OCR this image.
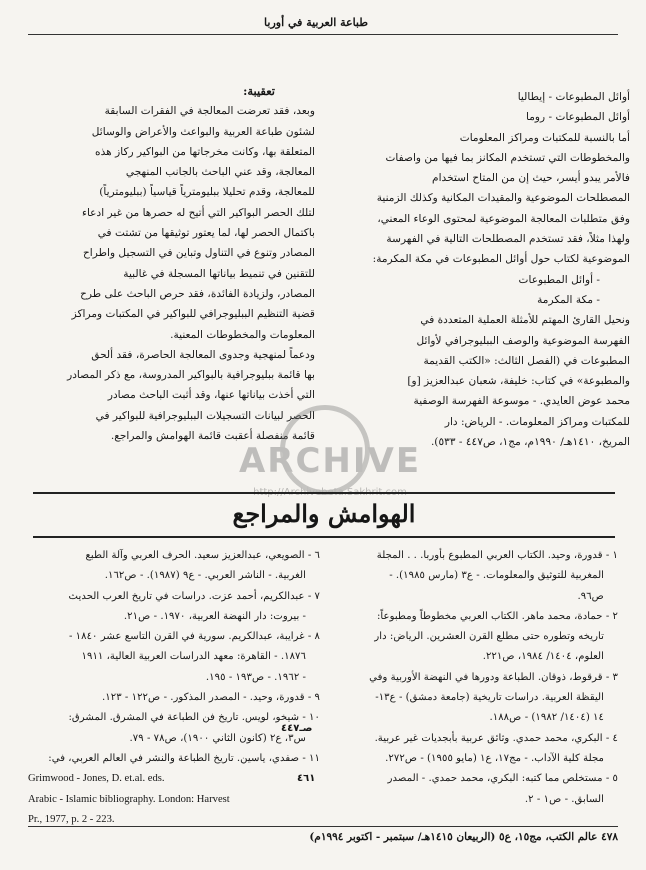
طباعة العربية في أوربا
أوائل المطبوعات - إيطاليا
أوائل المطبوعات - روما
أما بالنسبة للمكتبات ومراكز المعلومات
والمخطوطات التي تستخدم المكانز بما فيها من واصفات
فالأمر يبدو أيسر، حيث إن من المتاح استخدام
المصطلحات الموضوعية والمقيدات المكانية وكذلك الزمنية
وفق متطلبات المعالجة الموضوعية لمحتوى الوعاء المعني،
ولهذا مثلاً، فقد تستخدم المصطلحات التالية في الفهرسة
الموضوعية لكتاب حول أوائل المطبوعات في مكة المكرمة:
- أوائل المطبوعات
- مكة المكرمة
ونحيل القارئ المهتم للأمثلة العملية المتعددة في
الفهرسة الموضوعية والوصف الببليوجرافي لأوائل
المطبوعات في (الفصل الثالث: «الكتب القديمة
والمطبوعة» في كتاب: خليفة، شعبان عبدالعزيز [و]
محمد عوض العايدي. - موسوعة الفهرسة الوصفية
للمكتبات ومراكز المعلومات. - الرياض: دار
المريخ، ١٤١٠هـ/ ١٩٩٠م، مج١، ص٤٤٧ - ٥٣٣).
تعقيبة:
وبعد، فقد تعرضت المعالجة في الفقرات السابقة
لشئون طباعة العربية والبواعث والأعراض والوسائل
المتعلقة بها، وكانت مخرجاتها من البواكير ركاز هذه
المعالجة، وقد عني الباحث بالجانب المنهجي
للمعالجة، وقدم تحليلا ببليومترياً قياسياً (ببليومترياً)
لتلك الحصر البواكير التي أتيح له حصرها من غير ادعاء
باكتمال الحصر لها، لما يعتور توثيقها من تشتت في
المصادر وتنوع في التناول وتباين في التسجيل واطراح
للتقنين في تنميط بياناتها المسجلة في غالبية
المصادر، ولزيادة الفائدة، فقد حرص الباحث على طرح
قضية التنظيم الببليوجرافي للبواكير في المكتبات ومراكز
المعلومات والمخطوطات المعنية.
ودعماً لمنهجية وجدوى المعالجة الحاصرة، فقد ألحق
بها قائمة ببليوجرافية بالبواكير المدروسة، مع ذكر المصادر
التي أخذت بياناتها عنها، وقد أثبت الباحث مصادر
الحصر لبيانات التسجيلات الببليوجرافية للبواكير في
قائمة منفصلة أعقبت قائمة الهوامش والمراجع.
ARCHIVE
http://Archivebeta.Sakhrit.com
الهوامش والمراجع
١ - قدورة، وحيد. الكتاب العربي المطبوع بأوربا. . . المجلة
المغربية للتوثيق والمعلومات. - ع٣ (مارس ١٩٨٥). -
ص٩٦.
٢ - حمادة، محمد ماهر. الكتاب العربي مخطوطاً ومطبوعاً:
تاريخه وتطوره حتى مطلع القرن العشرين. الرياض: دار
العلوم، ١٤٠٤/ ١٩٨٤، ص٢٢١.
٣ - قرقوط، ذوقان. الطباعة ودورها في النهضة الأوربية وفي
اليقظة العربية. دراسات تاريخية (جامعة دمشق) - ع١٣-
١٤ (١٤٠٤/ ١٩٨٢) - ص١٨٨.
٤ - البكري، محمد حمدي. وثائق عربية بأبجديات غير عربية.
مجلة كلية الآداب. - مج١٧، ع١ (مايو ١٩٥٥) - ص٢٧٢.
٥ - مستخلص مما كتبه: البكري، محمد حمدي. - المصدر
السابق. - ص١ - ٢.
٦ - الصويعي، عبدالعزيز سعيد. الحرف العربي وآلة الطبع
الغربية. - الناشر العربي. - ع٩ (١٩٨٧). - ص١٦٢.
٧ - عبدالكريم، أحمد عزت. دراسات في تاريخ العرب الحديث
- بيروت: دار النهضة العربية، ١٩٧٠. - ص٢١.
٨ - غرايبة، عبدالكريم. سورية في القرن التاسع عشر ١٨٤٠ -
١٨٧٦. - القاهرة: معهد الدراسات العربية العالية، ١٩١١
- ١٩٦٢. - ص١٩٣ - ١٩٥.
٩ - قدورة، وحيد. - المصدر المذكور. - ص١٢٢ - ١٢٣.
١٠ - شيخو، لويس. تاريخ فن الطباعة في المشرق. المشرق:
س٣، ع٢ (كانون الثاني ١٩٠٠)، ص٧٨ - ٧٩.
١١ - صفدي، ياسين. تاريخ الطباعة والنشر في العالم العربي، في:
Grimwood - Jones, D. et.al. eds.
Arabic - Islamic bibliography. London: Harvest
Pr., 1977, p. 2 - 223.
صـ٤٤٧
٤٦١
٤٧٨ عالم الكتب، مج١٥، ع٥ (الربيعان ١٤١٥هـ/ سبتمبر - اكتوبر ١٩٩٤م)
